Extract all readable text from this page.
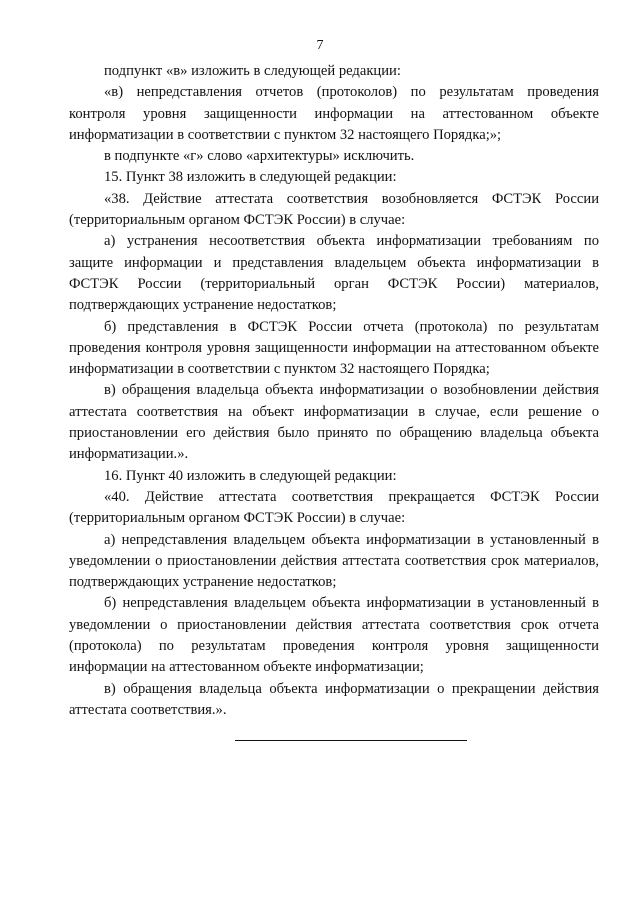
7

подпункт «в» изложить в следующей редакции:

«в) непредставления отчетов (протоколов) по результатам проведения контроля уровня защищенности информации на аттестованном объекте информатизации в соответствии с пунктом 32 настоящего Порядка;»;

в подпункте «г» слово «архитектуры» исключить.

15. Пункт 38 изложить в следующей редакции:

«38. Действие аттестата соответствия возобновляется ФСТЭК России (территориальным органом ФСТЭК России) в случае:

а) устранения несоответствия объекта информатизации требованиям по защите информации и представления владельцем объекта информатизации в ФСТЭК России (территориальный орган ФСТЭК России) материалов, подтверждающих устранение недостатков;

б) представления в ФСТЭК России отчета (протокола) по результатам проведения контроля уровня защищенности информации на аттестованном объекте информатизации в соответствии с пунктом 32 настоящего Порядка;

в) обращения владельца объекта информатизации о возобновлении действия аттестата соответствия на объект информатизации в случае, если решение о приостановлении его действия было принято по обращению владельца объекта информатизации.».

16. Пункт 40 изложить в следующей редакции:

«40. Действие аттестата соответствия прекращается ФСТЭК России (территориальным органом ФСТЭК России) в случае:

а) непредставления владельцем объекта информатизации в установленный в уведомлении о приостановлении действия аттестата соответствия срок материалов, подтверждающих устранение недостатков;

б) непредставления владельцем объекта информатизации в установленный в уведомлении о приостановлении действия аттестата соответствия срок отчета (протокола) по результатам проведения контроля уровня защищенности информации на аттестованном объекте информатизации;

в) обращения владельца объекта информатизации о прекращении действия аттестата соответствия.».
